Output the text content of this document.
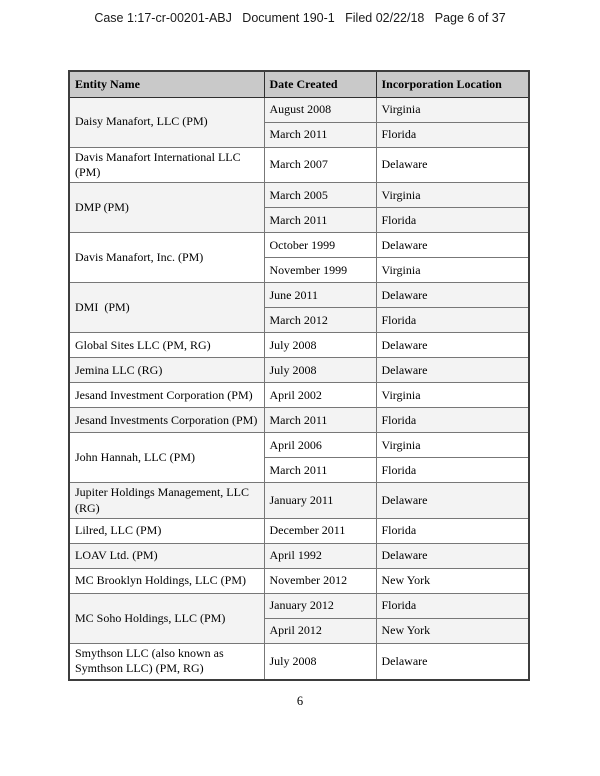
Case 1:17-cr-00201-ABJ   Document 190-1   Filed 02/22/18   Page 6 of 37
Entity Name	Date Created	Incorporation Location
Daisy Manafort, LLC (PM)	August 2008	Virginia
	March 2011	Florida
Davis Manafort International LLC (PM)	March 2007	Delaware
DMP (PM)	March 2005	Virginia
	March 2011	Florida
Davis Manafort, Inc. (PM)	October 1999	Delaware
	November 1999	Virginia
DMI  (PM)	June 2011	Delaware
	March 2012	Florida
Global Sites LLC (PM, RG)	July 2008	Delaware
Jemina LLC (RG)	July 2008	Delaware
Jesand Investment Corporation (PM)	April 2002	Virginia
Jesand Investments Corporation (PM)	March 2011	Florida
John Hannah, LLC (PM)	April 2006	Virginia
	March 2011	Florida
Jupiter Holdings Management, LLC (RG)	January 2011	Delaware
Lilred, LLC (PM)	December 2011	Florida
LOAV Ltd. (PM)	April 1992	Delaware
MC Brooklyn Holdings, LLC (PM)	November 2012	New York
MC Soho Holdings, LLC (PM)	January 2012	Florida
	April 2012	New York
Smythson LLC (also known as Symthson LLC) (PM, RG)	July 2008	Delaware
6
